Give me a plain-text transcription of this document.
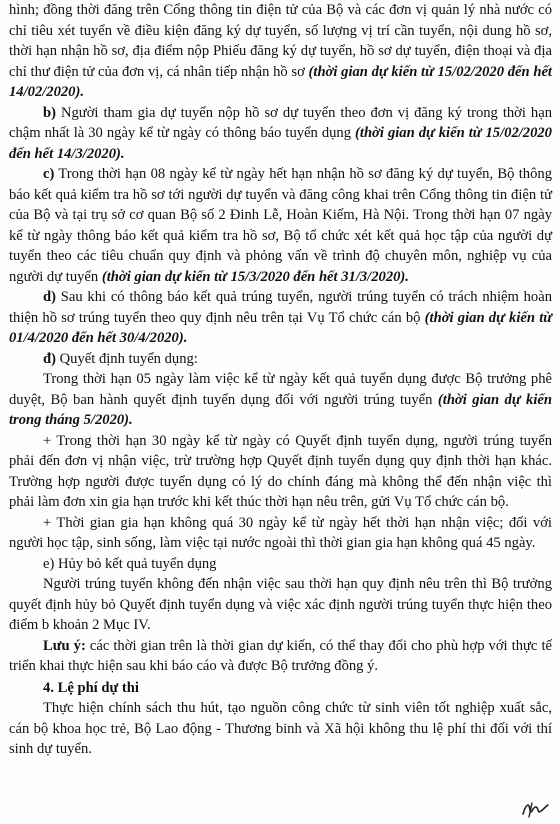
hình; đồng thời đăng trên Cổng thông tin điện tử của Bộ và các đơn vị quản lý nhà nước có chỉ tiêu xét tuyển về điều kiện đăng ký dự tuyển, số lượng vị trí cần tuyển, nội dung hồ sơ, thời hạn nhận hồ sơ, địa điểm nộp Phiếu đăng ký dự tuyển, hồ sơ dự tuyển, điện thoại và địa chỉ thư điện tử của đơn vị, cá nhân tiếp nhận hồ sơ (thời gian dự kiến từ 15/02/2020 đến hết 14/02/2020).

b) Người tham gia dự tuyển nộp hồ sơ dự tuyển theo đơn vị đăng ký trong thời hạn chậm nhất là 30 ngày kể từ ngày có thông báo tuyển dụng (thời gian dự kiến từ 15/02/2020 đến hết 14/3/2020).

c) Trong thời hạn 08 ngày kể từ ngày hết hạn nhận hồ sơ đăng ký dự tuyển, Bộ thông báo kết quả kiểm tra hồ sơ tới người dự tuyển và đăng công khai trên Cổng thông tin điện tử của Bộ và tại trụ sở cơ quan Bộ số 2 Đinh Lễ, Hoàn Kiếm, Hà Nội. Trong thời hạn 07 ngày kể từ ngày thông báo kết quả kiểm tra hồ sơ, Bộ tổ chức xét kết quả học tập của người dự tuyển theo các tiêu chuẩn quy định và phỏng vấn về trình độ chuyên môn, nghiệp vụ của người dự tuyển (thời gian dự kiến từ 15/3/2020 đến hết 31/3/2020).

d) Sau khi có thông báo kết quả trúng tuyển, người trúng tuyển có trách nhiệm hoàn thiện hồ sơ trúng tuyển theo quy định nêu trên tại Vụ Tổ chức cán bộ (thời gian dự kiến từ 01/4/2020 đến hết 30/4/2020).

đ) Quyết định tuyển dụng:

Trong thời hạn 05 ngày làm việc kể từ ngày kết quả tuyển dụng được Bộ trưởng phê duyệt, Bộ ban hành quyết định tuyển dụng đối với người trúng tuyển (thời gian dự kiến trong tháng 5/2020).

+ Trong thời hạn 30 ngày kể từ ngày có Quyết định tuyển dụng, người trúng tuyển phải đến đơn vị nhận việc, trừ trường hợp Quyết định tuyển dụng quy định thời hạn khác. Trường hợp người được tuyển dụng có lý do chính đáng mà không thể đến nhận việc thì phải làm đơn xin gia hạn trước khi kết thúc thời hạn nêu trên, gửi Vụ Tổ chức cán bộ.

+ Thời gian gia hạn không quá 30 ngày kể từ ngày hết thời hạn nhận việc; đối với người học tập, sinh sống, làm việc tại nước ngoài thì thời gian gia hạn không quá 45 ngày.

e) Hủy bỏ kết quả tuyển dụng

Người trúng tuyển không đến nhận việc sau thời hạn quy định nêu trên thì Bộ trưởng quyết định hủy bỏ Quyết định tuyển dụng và việc xác định người trúng tuyển thực hiện theo điểm b khoản 2 Mục IV.

Lưu ý: các thời gian trên là thời gian dự kiến, có thể thay đổi cho phù hợp với thực tế triển khai thực hiện sau khi báo cáo và được Bộ trưởng đồng ý.

4. Lệ phí dự thi

Thực hiện chính sách thu hút, tạo nguồn công chức từ sinh viên tốt nghiệp xuất sắc, cán bộ khoa học trẻ, Bộ Lao động - Thương binh và Xã hội không thu lệ phí thi đối với thí sinh dự tuyển.
